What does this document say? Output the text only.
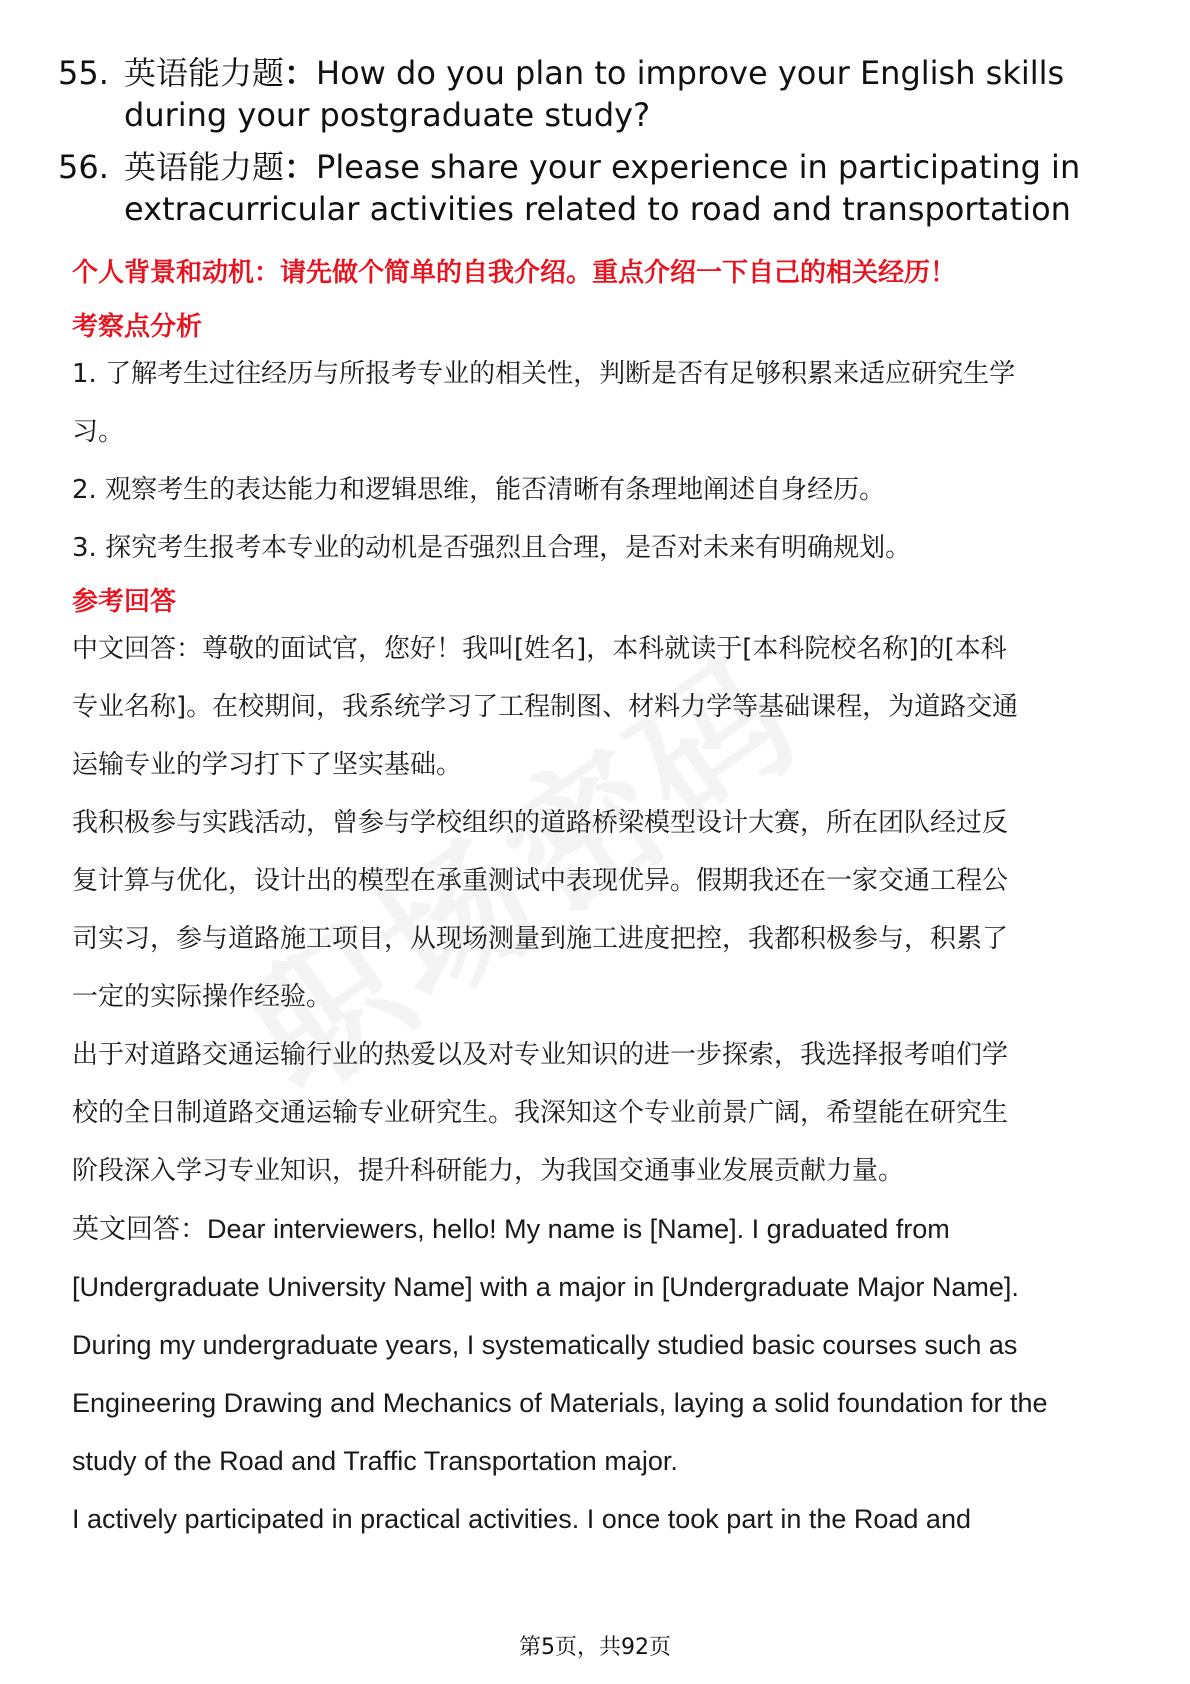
55. 英语能力题：How do you plan to improve your English skills
during your postgraduate study?
56. 英语能力题：Please share your experience in participating in
extracurricular activities related to road and transportation
个人背景和动机：请先做个简单的自我介绍。重点介绍一下自己的相关经历！
考察点分析
1. 了解考生过往经历与所报考专业的相关性，判断是否有足够积累来适应研究生学
习。
2. 观察考生的表达能力和逻辑思维，能否清晰有条理地阐述自身经历。
3. 探究考生报考本专业的动机是否强烈且合理，是否对未来有明确规划。
参考回答
中文回答：尊敬的面试官，您好！我叫[姓名]，本科就读于[本科院校名称]的[本科
专业名称]。在校期间，我系统学习了工程制图、材料力学等基础课程，为道路交通
运输专业的学习打下了坚实基础。
我积极参与实践活动，曾参与学校组织的道路桥梁模型设计大赛，所在团队经过反
复计算与优化，设计出的模型在承重测试中表现优异。假期我还在一家交通工程公
司实习，参与道路施工项目，从现场测量到施工进度把控，我都积极参与，积累了
一定的实际操作经验。
出于对道路交通运输行业的热爱以及对专业知识的进一步探索，我选择报考咱们学
校的全日制道路交通运输专业研究生。我深知这个专业前景广阔，希望能在研究生
阶段深入学习专业知识，提升科研能力，为我国交通事业发展贡献力量。
英文回答：Dear interviewers, hello! My name is [Name]. I graduated from
[Undergraduate University Name] with a major in [Undergraduate Major Name].
During my undergraduate years, I systematically studied basic courses such as
Engineering Drawing and Mechanics of Materials, laying a solid foundation for the
study of the Road and Traffic Transportation major.
I actively participated in practical activities. I once took part in the Road and
第5页，共92页
